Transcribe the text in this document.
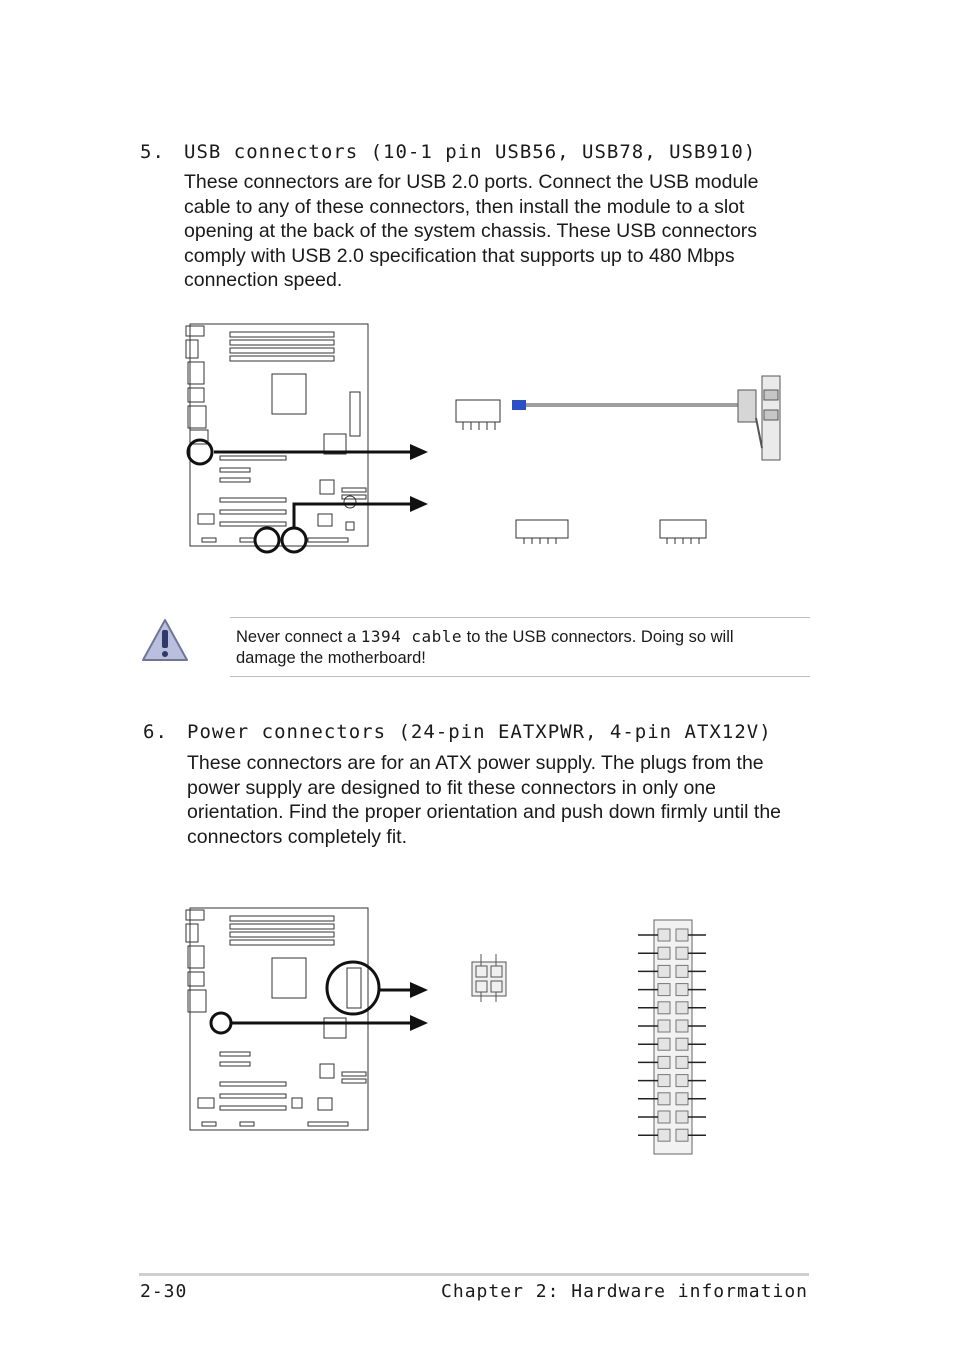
5. USB connectors (10-1 pin USB56, USB78, USB910)

These connectors are for USB 2.0 ports. Connect the USB module cable to any of these connectors, then install the module to a slot opening at the back of the system chassis. These USB connectors comply with USB 2.0 specification that supports up to 480 Mbps connection speed.

Never connect a 1394 cable to the USB connectors. Doing so will damage the motherboard!

6. Power connectors (24-pin EATXPWR, 4-pin ATX12V)

These connectors are for an ATX power supply. The plugs from the power supply are designed to fit these connectors in only one orientation. Find the proper orientation and push down firmly until the connectors completely fit.

2-30	Chapter 2: Hardware information
